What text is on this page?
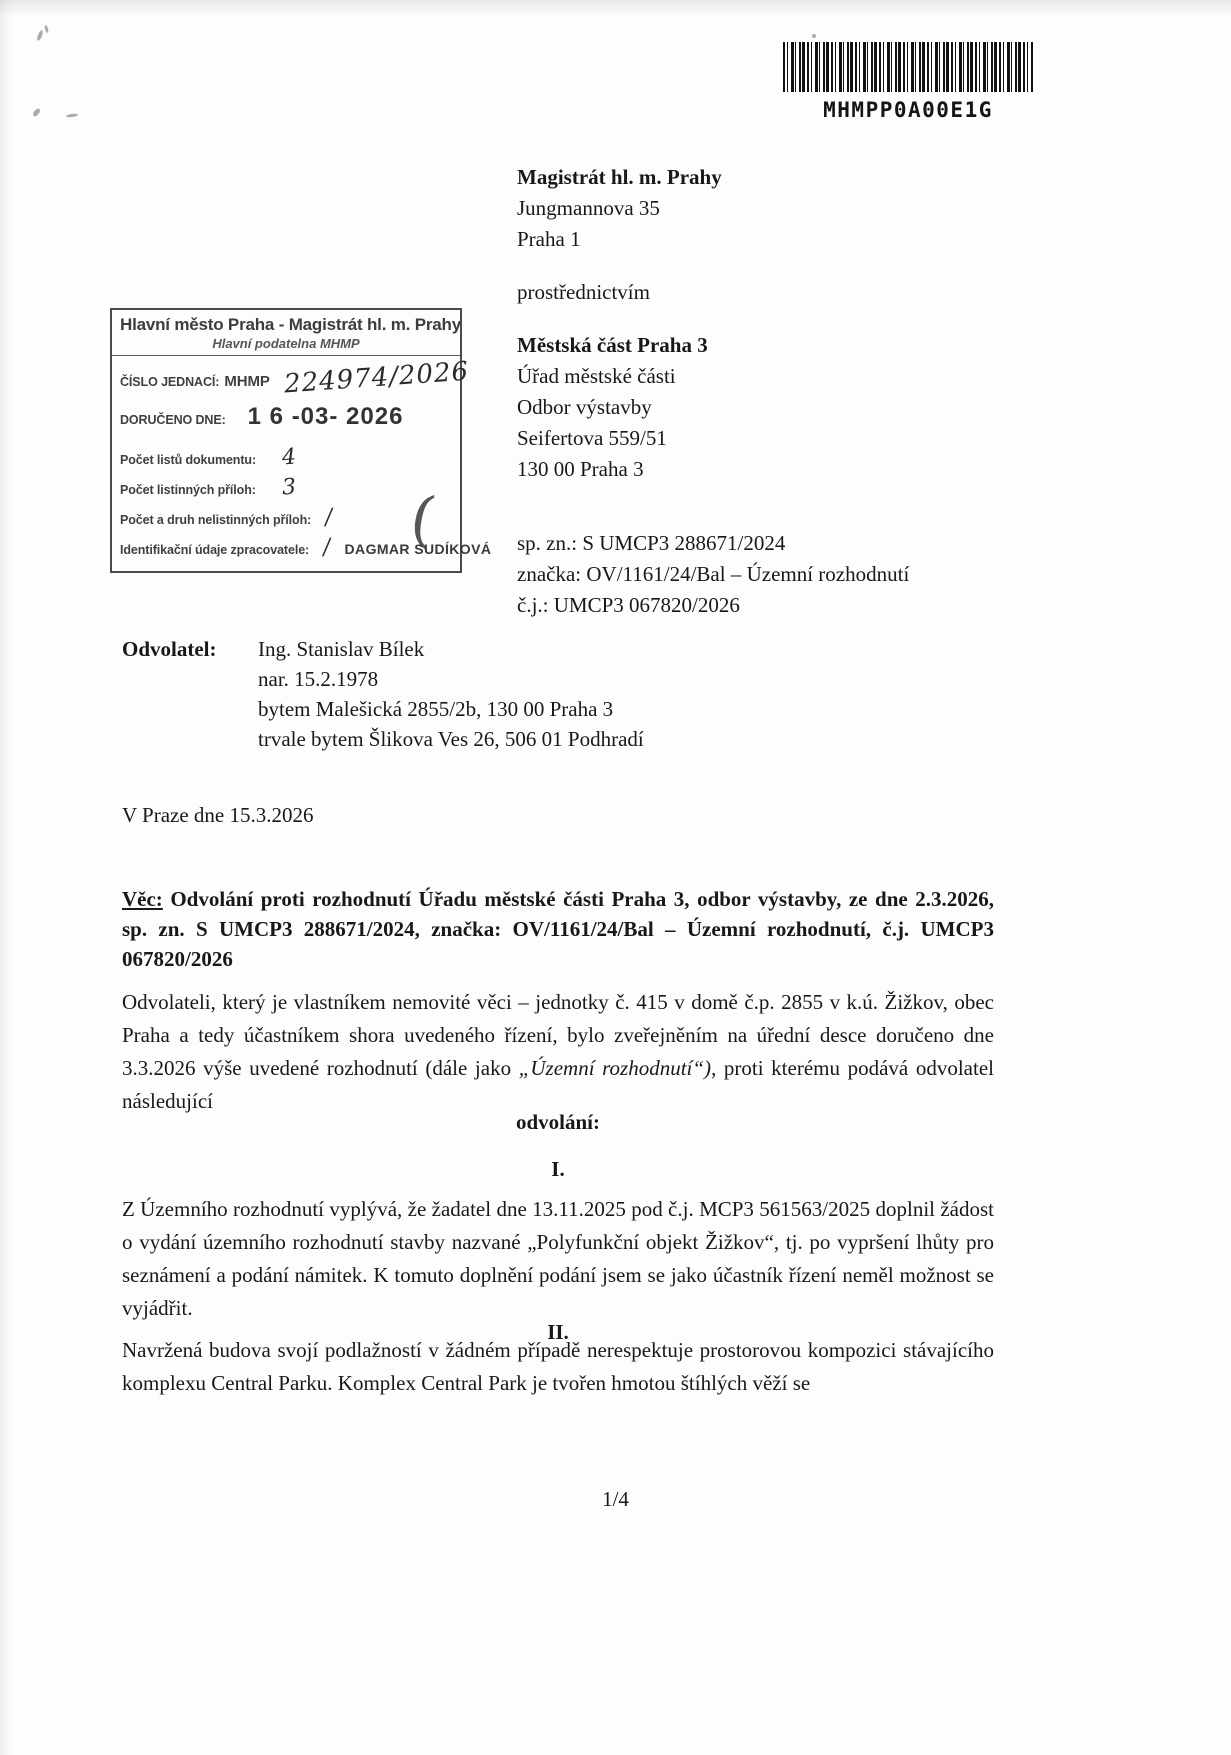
MHMPP0A00E1G
Hlavní město Praha - Magistrát hl. m. Prahy
Hlavní podatelna MHMP
ČÍSLO JEDNACÍ: MHMP 224974/2026
DORUČENO DNE: 1 6 -03- 2026
Počet listů dokumentu: 4
Počet listinných příloh: 3
Počet a druh nelistinných příloh: /
Identifikační údaje zpracovatele: / DAGMAR SUDÍKOVÁ
(
Magistrát hl. m. Prahy
Jungmannova 35
Praha 1
prostřednictvím
Městská část Praha 3
Úřad městské části
Odbor výstavby
Seifertova 559/51
130 00 Praha 3
sp. zn.: S UMCP3 288671/2024
značka: OV/1161/24/Bal – Územní rozhodnutí
č.j.: UMCP3 067820/2026
Odvolatel:	Ing. Stanislav Bílek
nar. 15.2.1978
bytem Malešická 2855/2b, 130 00 Praha 3
trvale bytem Šlikova Ves 26, 506 01 Podhradí
V Praze dne 15.3.2026
Věc: Odvolání proti rozhodnutí Úřadu městské části Praha 3, odbor výstavby, ze dne 2.3.2026, sp. zn. S UMCP3 288671/2024, značka: OV/1161/24/Bal – Územní rozhodnutí, č.j. UMCP3 067820/2026
Odvolateli, který je vlastníkem nemovité věci – jednotky č. 415 v domě č.p. 2855 v k.ú. Žižkov, obec Praha a tedy účastníkem shora uvedeného řízení, bylo zveřejněním na úřední desce doručeno dne 3.3.2026 výše uvedené rozhodnutí (dále jako „Územní rozhodnutí“), proti kterému podává odvolatel následující
odvolání:
I.
Z Územního rozhodnutí vyplývá, že žadatel dne 13.11.2025 pod č.j. MCP3 561563/2025 doplnil žádost o vydání územního rozhodnutí stavby nazvané „Polyfunkční objekt Žižkov“, tj. po vypršení lhůty pro seznámení a podání námitek. K tomuto doplnění podání jsem se jako účastník řízení neměl možnost se vyjádřit.
II.
Navržená budova svojí podlažností v žádném případě nerespektuje prostorovou kompozici stávajícího komplexu Central Parku. Komplex Central Park je tvořen hmotou štíhlých věží se
1/4
